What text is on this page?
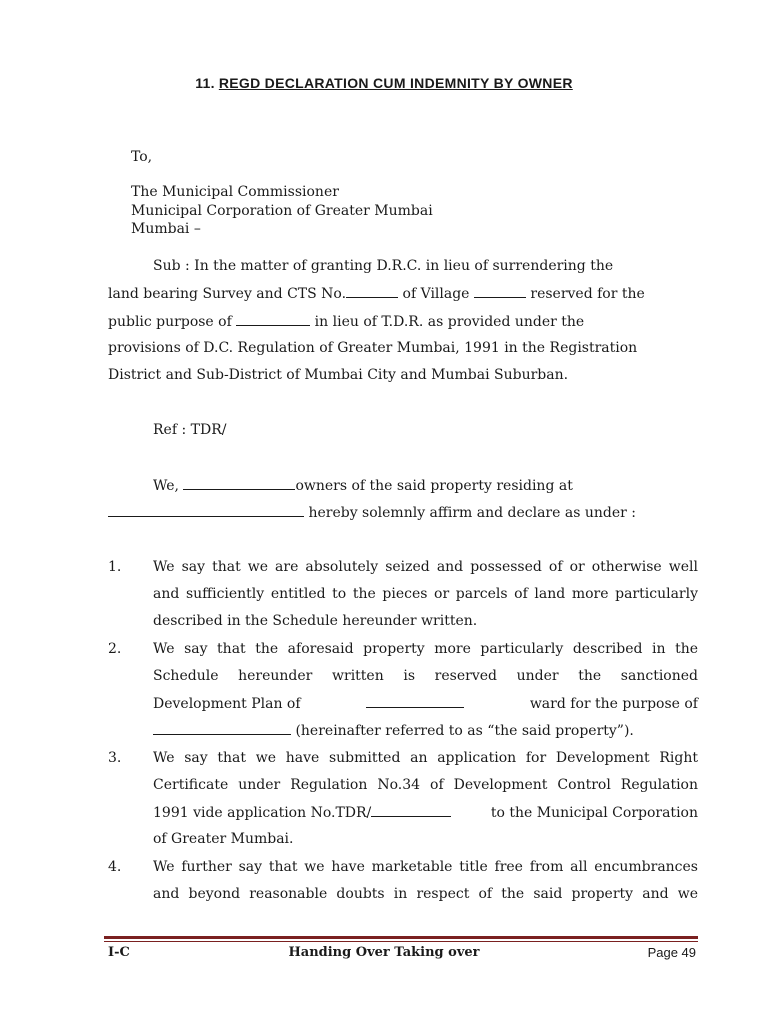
11. REGD DECLARATION CUM INDEMNITY BY OWNER
To,
The Municipal Commissioner
Municipal Corporation of Greater Mumbai
Mumbai –
Sub : In the matter of granting D.R.C. in lieu of surrendering the
land bearing Survey and CTS No.	of Village	reserved for the
public purpose of	in lieu of T.D.R. as provided under the
provisions of D.C. Regulation of Greater Mumbai, 1991 in the Registration
District and Sub-District of Mumbai City and Mumbai Suburban.
Ref : TDR/
We,	owners of the said property residing at
hereby solemnly affirm and declare as under :
1. We say that we are absolutely seized and possessed of or otherwise well
and sufficiently entitled to the pieces or parcels of land more particularly
described in the Schedule hereunder written.
2. We say that the aforesaid property more particularly described in the
Schedule hereunder written is reserved under the sanctioned
Development Plan of	ward for the purpose of
(hereinafter referred to as “the said property”).
3. We say that we have submitted an application for Development Right
Certificate under Regulation No.34 of Development Control Regulation
1991 vide application No.TDR/	to the Municipal Corporation
of Greater Mumbai.
4. We further say that we have marketable title free from all encumbrances
and beyond reasonable doubts in respect of the said property and we
Handing Over Taking over
I-C	Page 49
